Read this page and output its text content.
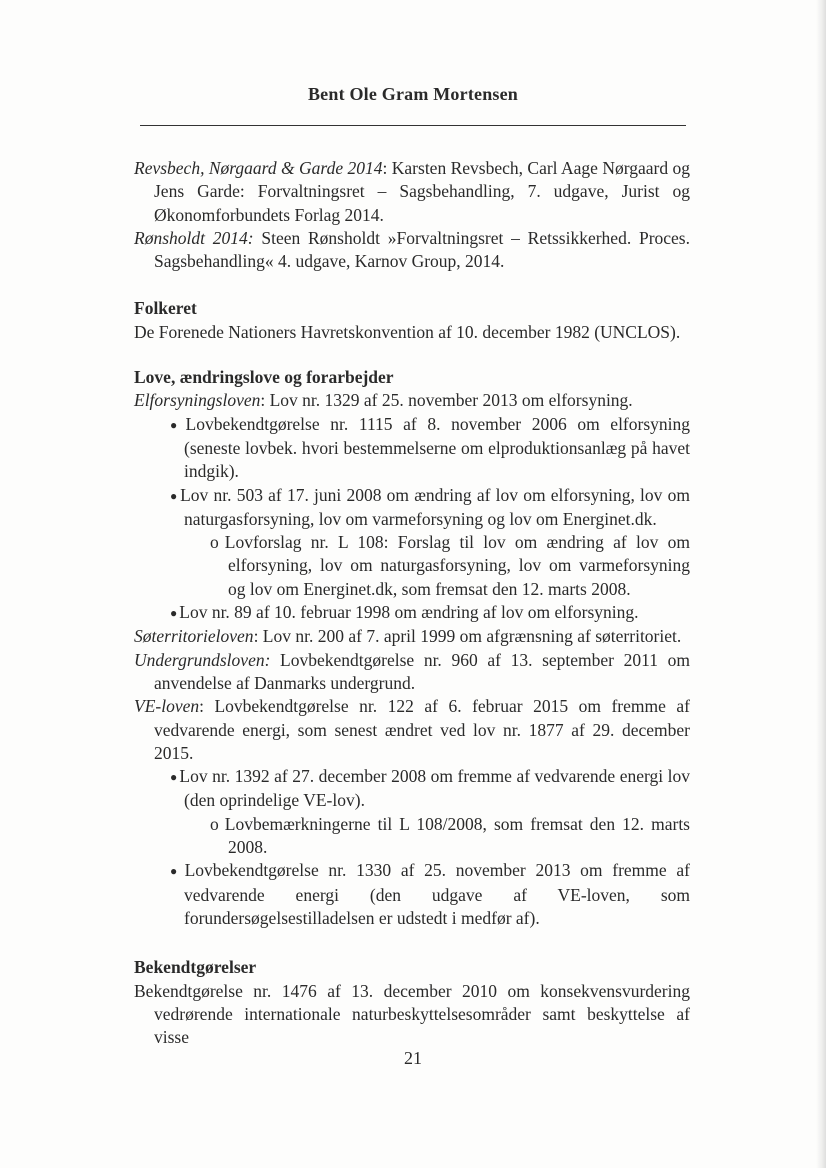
Bent Ole Gram Mortensen

Revsbech, Nørgaard & Garde 2014: Karsten Revsbech, Carl Aage Nørgaard og Jens Garde: Forvaltningsret – Sagsbehandling, 7. udgave, Jurist og Økonomforbundets Forlag 2014.

Rønsholdt 2014: Steen Rønsholdt »Forvaltningsret – Retssikkerhed. Proces. Sagsbehandling« 4. udgave, Karnov Group, 2014.

Folkeret

De Forenede Nationers Havretskonvention af 10. december 1982 (UNCLOS).

Love, ændringslove og forarbejder

Elforsyningsloven: Lov nr. 1329 af 25. november 2013 om elforsyning.

● Lovbekendtgørelse nr. 1115 af 8. november 2006 om elforsyning (seneste lovbek. hvori bestemmelserne om elproduktionsanlæg på havet indgik).

● Lov nr. 503 af 17. juni 2008 om ændring af lov om elforsyning, lov om naturgasforsyning, lov om varmeforsyning og lov om Energinet.dk.

o Lovforslag nr. L 108: Forslag til lov om ændring af lov om elforsyning, lov om naturgasforsyning, lov om varmeforsyning og lov om Energinet.dk, som fremsat den 12. marts 2008.

● Lov nr. 89 af 10. februar 1998 om ændring af lov om elforsyning.

Søterritorieloven: Lov nr. 200 af 7. april 1999 om afgrænsning af søterritoriet.

Undergrundsloven: Lovbekendtgørelse nr. 960 af 13. september 2011 om anvendelse af Danmarks undergrund.

VE-loven: Lovbekendtgørelse nr. 122 af 6. februar 2015 om fremme af vedvarende energi, som senest ændret ved lov nr. 1877 af 29. december 2015.

● Lov nr. 1392 af 27. december 2008 om fremme af vedvarende energi lov (den oprindelige VE-lov).

o Lovbemærkningerne til L 108/2008, som fremsat den 12. marts 2008.

● Lovbekendtgørelse nr. 1330 af 25. november 2013 om fremme af vedvarende energi (den udgave af VE-loven, som forundersøgelsestilladelsen er udstedt i medfør af).

Bekendtgørelser

Bekendtgørelse nr. 1476 af 13. december 2010 om konsekvensvurdering vedrørende internationale naturbeskyttelsesområder samt beskyttelse af visse

21
